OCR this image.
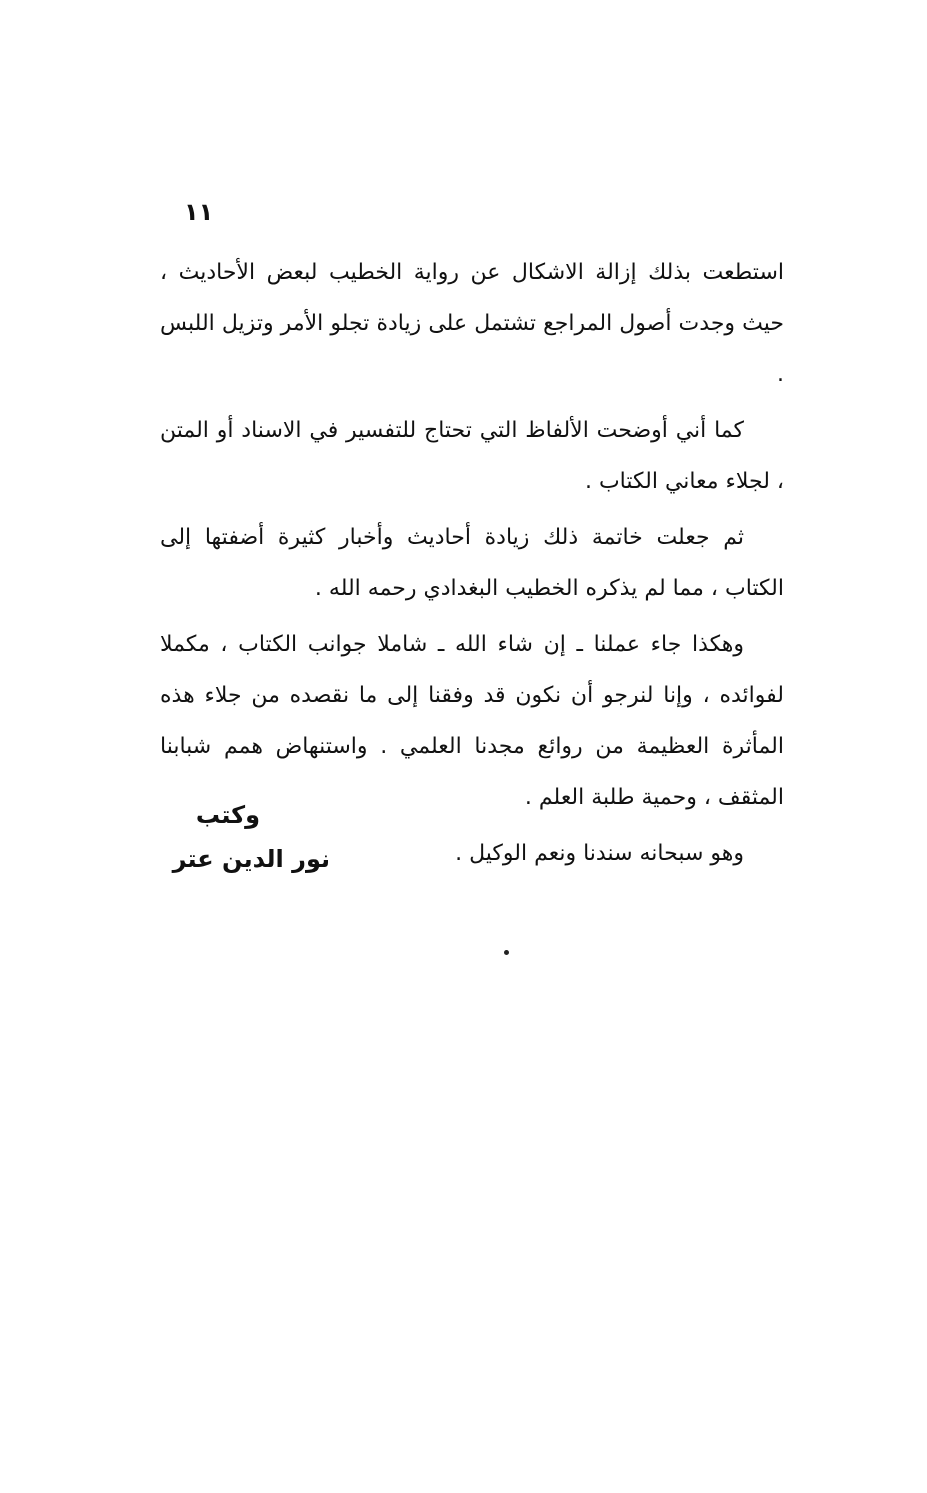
١١

استطعت بذلك إزالة الاشكال عن رواية الخطيب لبعض الأحاديث ، حيث وجدت أصول المراجع تشتمل على زيادة تجلو الأمر وتزيل اللبس .

كما أني أوضحت الألفاظ التي تحتاج للتفسير في الاسناد أو المتن ، لجلاء معاني الكتاب .

ثم جعلت خاتمة ذلك زيادة أحاديث وأخبار كثيرة أضفتها إلى الكتاب ، مما لم يذكره الخطيب البغدادي رحمه الله .

وهكذا جاء عملنا ـ إن شاء الله ـ شاملا جوانب الكتاب ، مكملا لفوائده ، وإنا لنرجو أن نكون قد وفقنا إلى ما نقصده من جلاء هذه المأثرة العظيمة من روائع مجدنا العلمي . واستنهاض همم شبابنا المثقف ، وحمية طلبة العلم .

وهو سبحانه سندنا ونعم الوكيل .

وكتب
نور الدين عتر
